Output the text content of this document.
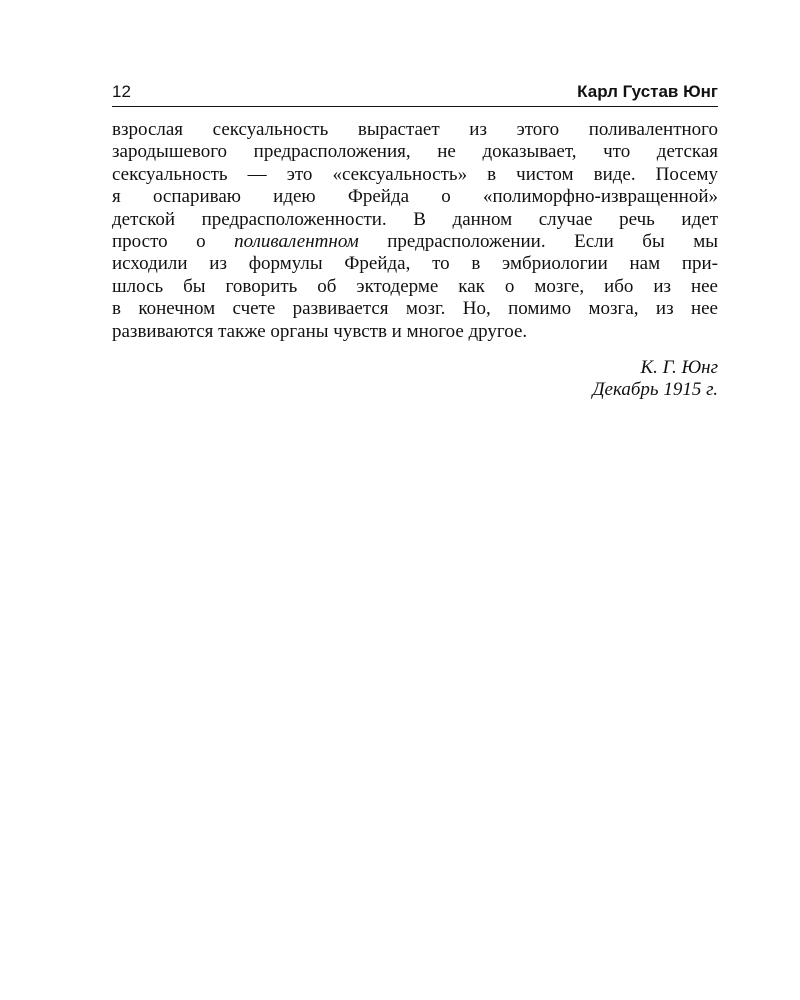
12	Карл Густав Юнг
взрослая сексуальность вырастает из этого поливалентного
зародышевого предрасположения, не доказывает, что детская
сексуальность — это «сексуальность» в чистом виде. Посему
я оспариваю идею Фрейда о «полиморфно-извращенной»
детской предрасположенности. В данном случае речь идет
просто о поливалентном предрасположении. Если бы мы
исходили из формулы Фрейда, то в эмбриологии нам при-
шлось бы говорить об эктодерме как о мозге, ибо из нее
в конечном счете развивается мозг. Но, помимо мозга, из нее
развиваются также органы чувств и многое другое.
К. Г. Юнг
Декабрь 1915 г.
